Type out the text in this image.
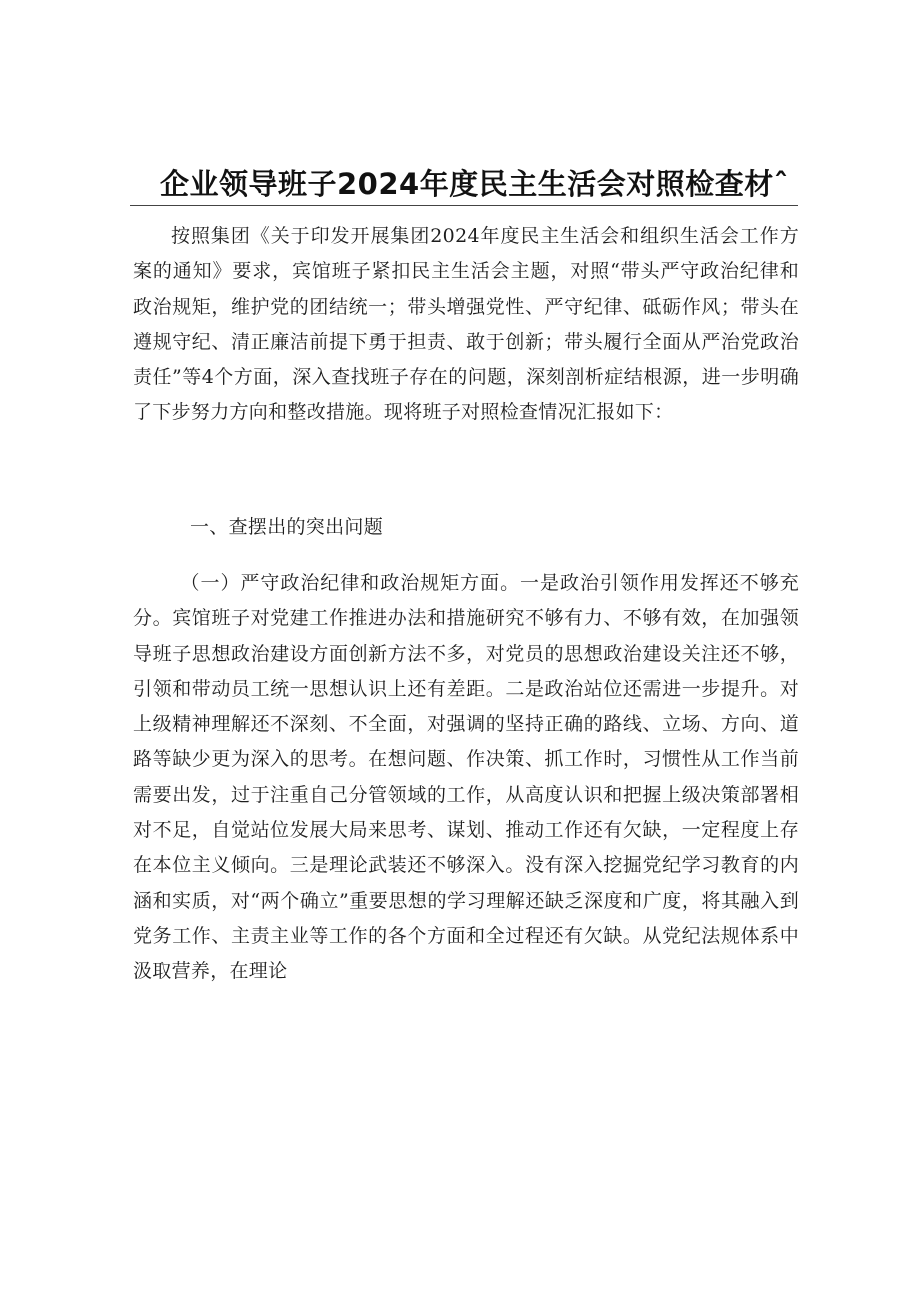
企业领导班子2024年度民主生活会对照检查材ˆ
按照集团《关于印发开展集团2024年度民主生活会和组织生活会工作方案的通知》要求，宾馆班子紧扣民主生活会主题，对照“带头严守政治纪律和政治规矩，维护党的团结统一；带头增强党性、严守纪律、砥砺作风；带头在遵规守纪、清正廉洁前提下勇于担责、敢于创新；带头履行全面从严治党政治责任”等4个方面，深入查找班子存在的问题，深刻剖析症结根源，进一步明确了下步努力方向和整改措施。现将班子对照检查情况汇报如下：
一、查摆出的突出问题
（一）严守政治纪律和政治规矩方面。一是政治引领作用发挥还不够充分。宾馆班子对党建工作推进办法和措施研究不够有力、不够有效，在加强领导班子思想政治建设方面创新方法不多，对党员的思想政治建设关注还不够，引领和带动员工统一思想认识上还有差距。二是政治站位还需进一步提升。对上级精神理解还不深刻、不全面，对强调的坚持正确的路线、立场、方向、道路等缺少更为深入的思考。在想问题、作决策、抓工作时，习惯性从工作当前需要出发，过于注重自己分管领域的工作，从高度认识和把握上级决策部署相对不足，自觉站位发展大局来思考、谋划、推动工作还有欠缺，一定程度上存在本位主义倾向。三是理论武装还不够深入。没有深入挖掘党纪学习教育的内涵和实质，对“两个确立”重要思想的学习理解还缺乏深度和广度，将其融入到党务工作、主责主业等工作的各个方面和全过程还有欠缺。从党纪法规体系中汲取营养，在理论
